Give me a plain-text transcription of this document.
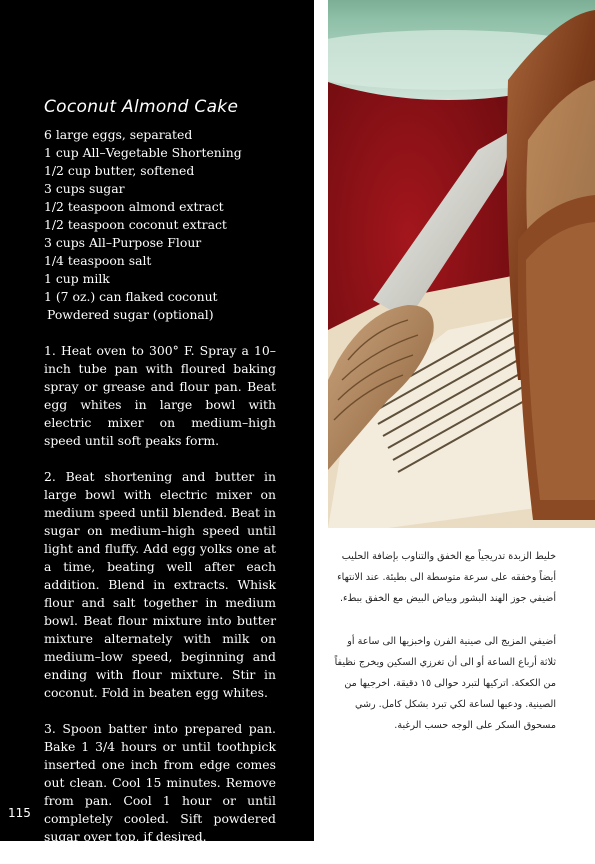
Coconut Almond Cake
6 large eggs, separated
1 cup All–Vegetable Shortening
1/2 cup butter, softened
3 cups sugar
1/2 teaspoon almond extract
1/2 teaspoon coconut extract
3 cups All–Purpose Flour
1/4 teaspoon salt
1 cup milk
1 (7 oz.) can flaked coconut
Powdered sugar (optional)

1. Heat oven to 300° F. Spray a 10–inch tube pan with floured baking spray or grease and flour pan. Beat egg whites in large bowl with electric mixer on medium–high speed until soft peaks form.

2. Beat shortening and butter in large bowl with electric mixer on medium speed until blended. Beat in sugar on medium–high speed until light and fluffy. Add egg yolks one at a time, beating well after each addition. Blend in extracts. Whisk flour and salt together in medium bowl. Beat flour mixture into butter mixture alternately with milk on medium–low speed, beginning and ending with flour mixture. Stir in coconut. Fold in beaten egg whites.

3. Spoon batter into prepared pan. Bake 1 3/4 hours or until toothpick inserted one inch from edge comes out clean. Cool 15 minutes. Remove from pan. Cool 1 hour or until completely cooled. Sift powdered sugar over top, if desired.

115

خليط الزبدة تدريجياً مع الخفق والتناوب بإضافة الحليب أيضاً وخفقه على سرعة متوسطة الى بطيئة. عند الانتهاء أضيفي جوز الهند البشور وبياض البيض مع الخفق ببطء.

أضيفي المزيج الى صينية الفرن واخبزيها الى ساعة أو ثلاثة أرباع الساعة أو الى أن تغرزي السكين ويخرج نظيفاً من الكعكة. اتركيها لتبرد حوالى ١٥ دقيقة. اخرجيها من الصينية. ودعيها لساعة لكي تبرد بشكل كامل. رشي مسحوق السكر على الوجه حسب الرغبة.
